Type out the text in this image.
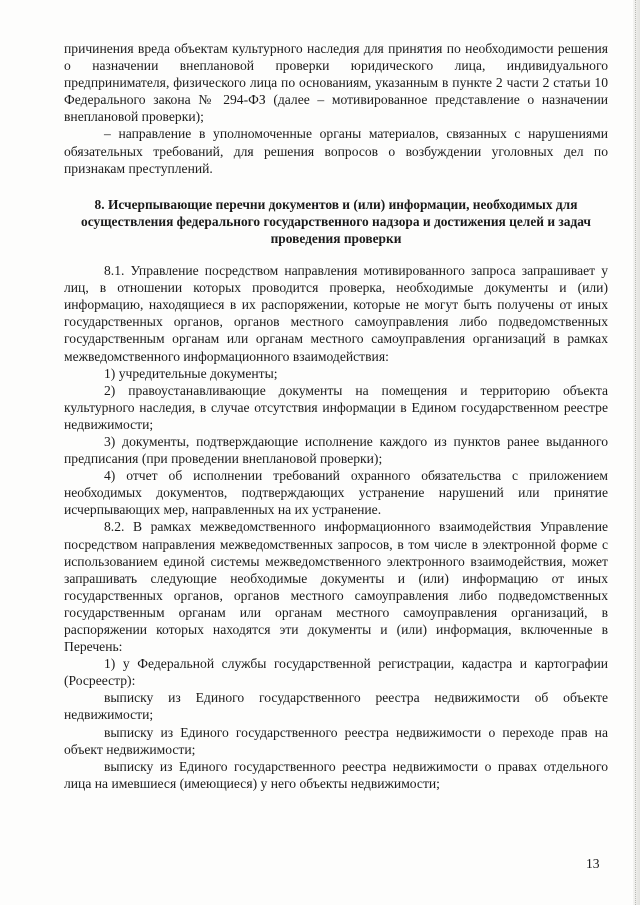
причинения вреда объектам культурного наследия для принятия по необходимости решения о назначении внеплановой проверки юридического лица, индивидуального предпринимателя, физического лица по основаниям, указанным в пункте 2 части 2 статьи 10 Федерального закона № 294-ФЗ (далее – мотивированное представление о назначении внеплановой проверки);

– направление в уполномоченные органы материалов, связанных с нарушениями обязательных требований, для решения вопросов о возбуждении уголовных дел по признакам преступлений.

8. Исчерпывающие перечни документов и (или) информации, необходимых для осуществления федерального государственного надзора и достижения целей и задач проведения проверки

8.1. Управление посредством направления мотивированного запроса запрашивает у лиц, в отношении которых проводится проверка, необходимые документы и (или) информацию, находящиеся в их распоряжении, которые не могут быть получены от иных государственных органов, органов местного самоуправления либо подведомственных государственным органам или органам местного самоуправления организаций в рамках межведомственного информационного взаимодействия:

1) учредительные документы;

2) правоустанавливающие документы на помещения и территорию объекта культурного наследия, в случае отсутствия информации в Едином государственном реестре недвижимости;

3) документы, подтверждающие исполнение каждого из пунктов ранее выданного предписания (при проведении внеплановой проверки);

4) отчет об исполнении требований охранного обязательства с приложением необходимых документов, подтверждающих устранение нарушений или принятие исчерпывающих мер, направленных на их устранение.

8.2. В рамках межведомственного информационного взаимодействия Управление посредством направления межведомственных запросов, в том числе в электронной форме с использованием единой системы межведомственного электронного взаимодействия, может запрашивать следующие необходимые документы и (или) информацию от иных государственных органов, органов местного самоуправления либо подведомственных государственным органам или органам местного самоуправления организаций, в распоряжении которых находятся эти документы и (или) информация, включенные в Перечень:

1) у Федеральной службы государственной регистрации, кадастра и картографии (Росреестр):

выписку из Единого государственного реестра недвижимости об объекте недвижимости;

выписку из Единого государственного реестра недвижимости о переходе прав на объект недвижимости;

выписку из Единого государственного реестра недвижимости о правах отдельного лица на имевшиеся (имеющиеся) у него объекты недвижимости;

13
